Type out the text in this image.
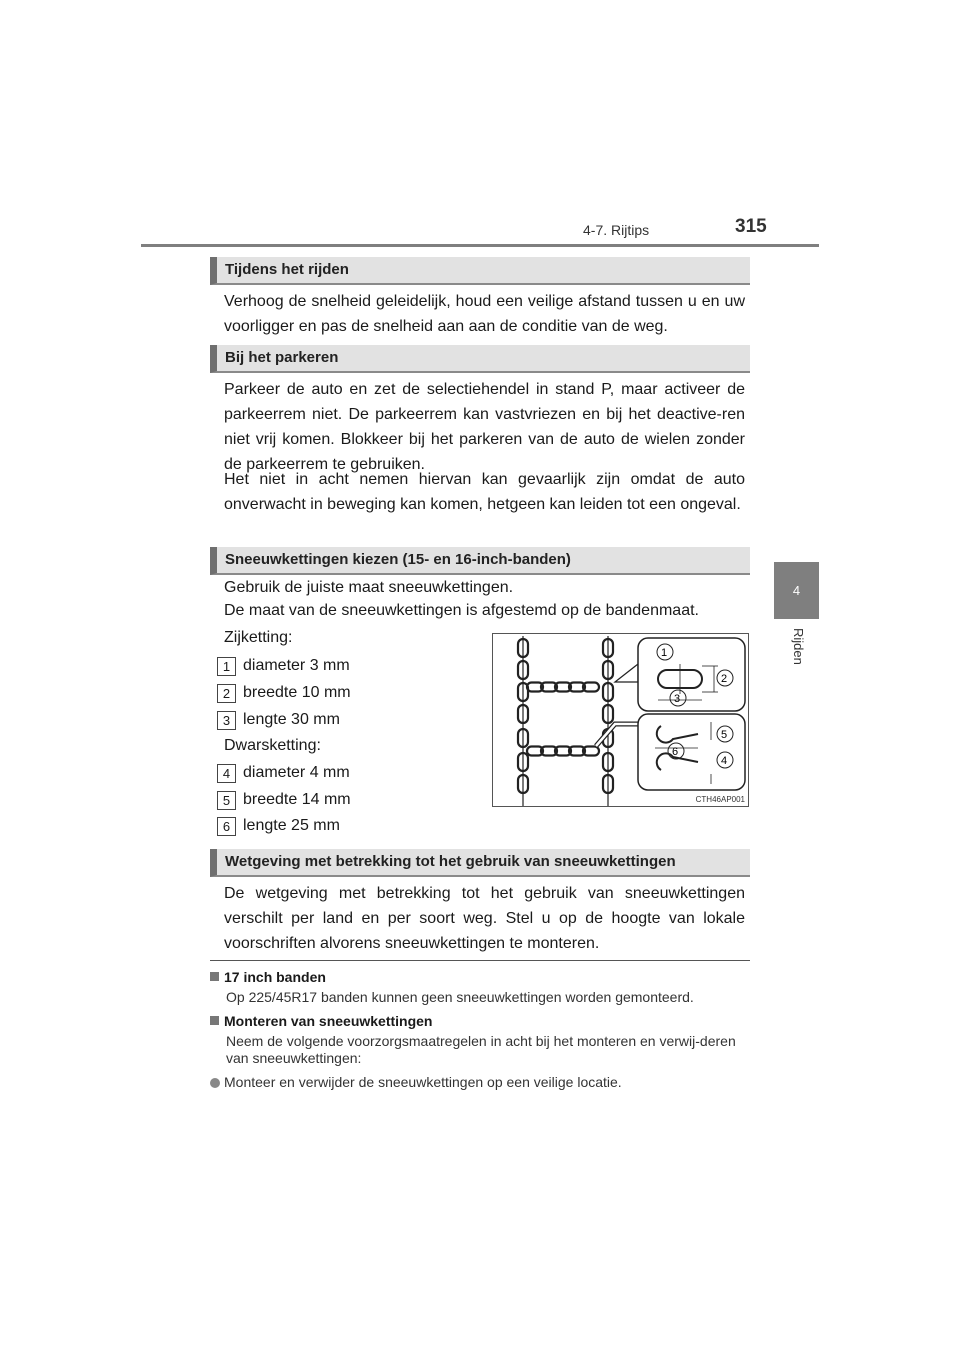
4-7. Rijtips	315
4
Rijden
Tijdens het rijden
Verhoog de snelheid geleidelijk, houd een veilige afstand tussen u en uw voorligger en pas de snelheid aan aan de conditie van de weg.
Bij het parkeren
Parkeer de auto en zet de selectiehendel in stand P, maar activeer de parkeerrem niet. De parkeerrem kan vastvriezen en bij het deactive-ren niet vrij komen. Blokkeer bij het parkeren van de auto de wielen zonder de parkeerrem te gebruiken.
Het niet in acht nemen hiervan kan gevaarlijk zijn omdat de auto onverwacht in beweging kan komen, hetgeen kan leiden tot een ongeval.
Sneeuwkettingen kiezen (15- en 16-inch-banden)
Gebruik de juiste maat sneeuwkettingen.
De maat van de sneeuwkettingen is afgestemd op de bandenmaat.
Zijketting:
1 diameter 3 mm
2 breedte 10 mm
3 lengte 30 mm
Dwarsketting:
4 diameter 4 mm
5 breedte 14 mm
6 lengte 25 mm
1
2
3
5
6
4
CTH46AP001
Wetgeving met betrekking tot het gebruik van sneeuwkettingen
De wetgeving met betrekking tot het gebruik van sneeuwkettingen verschilt per land en per soort weg. Stel u op de hoogte van lokale voorschriften alvorens sneeuwkettingen te monteren.
17 inch banden
Op 225/45R17 banden kunnen geen sneeuwkettingen worden gemonteerd.
Monteren van sneeuwkettingen
Neem de volgende voorzorgsmaatregelen in acht bij het monteren en verwij-deren van sneeuwkettingen:
Monteer en verwijder de sneeuwkettingen op een veilige locatie.
